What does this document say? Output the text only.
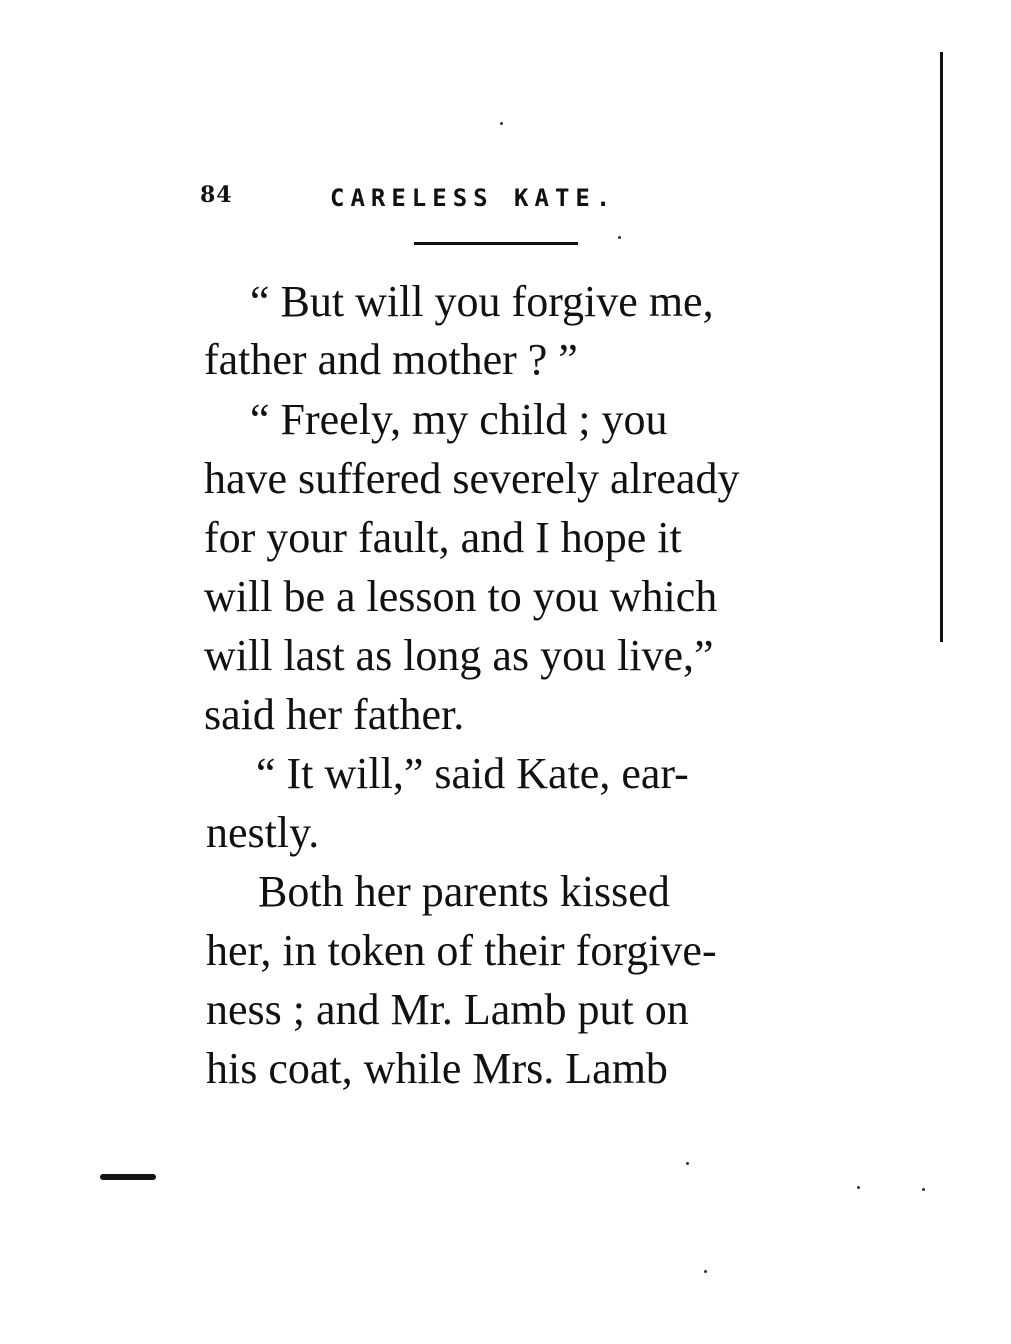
84	CARELESS KATE.
“ But will you forgive me,
father and mother ? ”
“ Freely, my child ; you
have suffered severely already
for your fault, and I hope it
will be a lesson to you which
will last as long as you live,”
said her father.
“ It will,” said Kate, ear-
nestly.
Both her parents kissed
her, in token of their forgive-
ness ; and Mr. Lamb put on
his coat, while Mrs. Lamb
